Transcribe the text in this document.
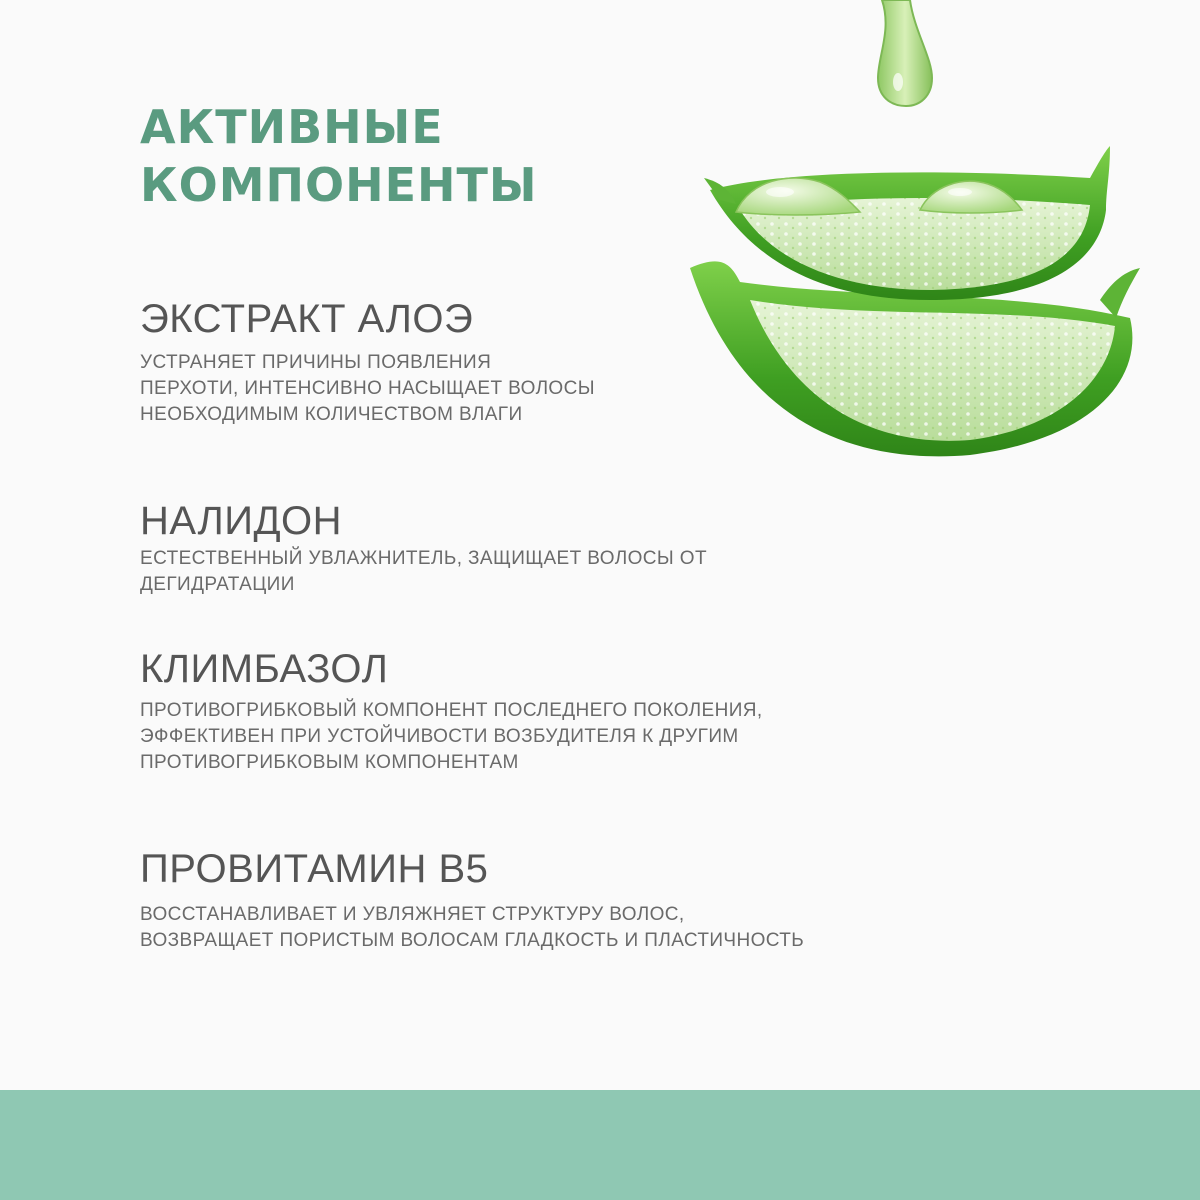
АКТИВНЫЕ
КОМПОНЕНТЫ
ЭКСТРАКТ АЛОЭ

УСТРАНЯЕТ ПРИЧИНЫ ПОЯВЛЕНИЯ
ПЕРХОТИ, ИНТЕНСИВНО НАСЫЩАЕТ ВОЛОСЫ
НЕОБХОДИМЫМ КОЛИЧЕСТВОМ ВЛАГИ

НАЛИДОН

ЕСТЕСТВЕННЫЙ УВЛАЖНИТЕЛЬ, ЗАЩИЩАЕТ ВОЛОСЫ ОТ ДЕГИДРАТАЦИИ

КЛИМБАЗОЛ

ПРОТИВОГРИБКОВЫЙ КОМПОНЕНТ ПОСЛЕДНЕГО ПОКОЛЕНИЯ,
ЭФФЕКТИВЕН ПРИ УСТОЙЧИВОСТИ ВОЗБУДИТЕЛЯ К ДРУГИМ
ПРОТИВОГРИБКОВЫМ КОМПОНЕНТАМ

ПРОВИТАМИН B5

ВОССТАНАВЛИВАЕТ И УВЛЯЖНЯЕТ СТРУКТУРУ ВОЛОС,
ВОЗВРАЩАЕТ ПОРИСТЫМ ВОЛОСАМ ГЛАДКОСТЬ И ПЛАСТИЧНОСТЬ
